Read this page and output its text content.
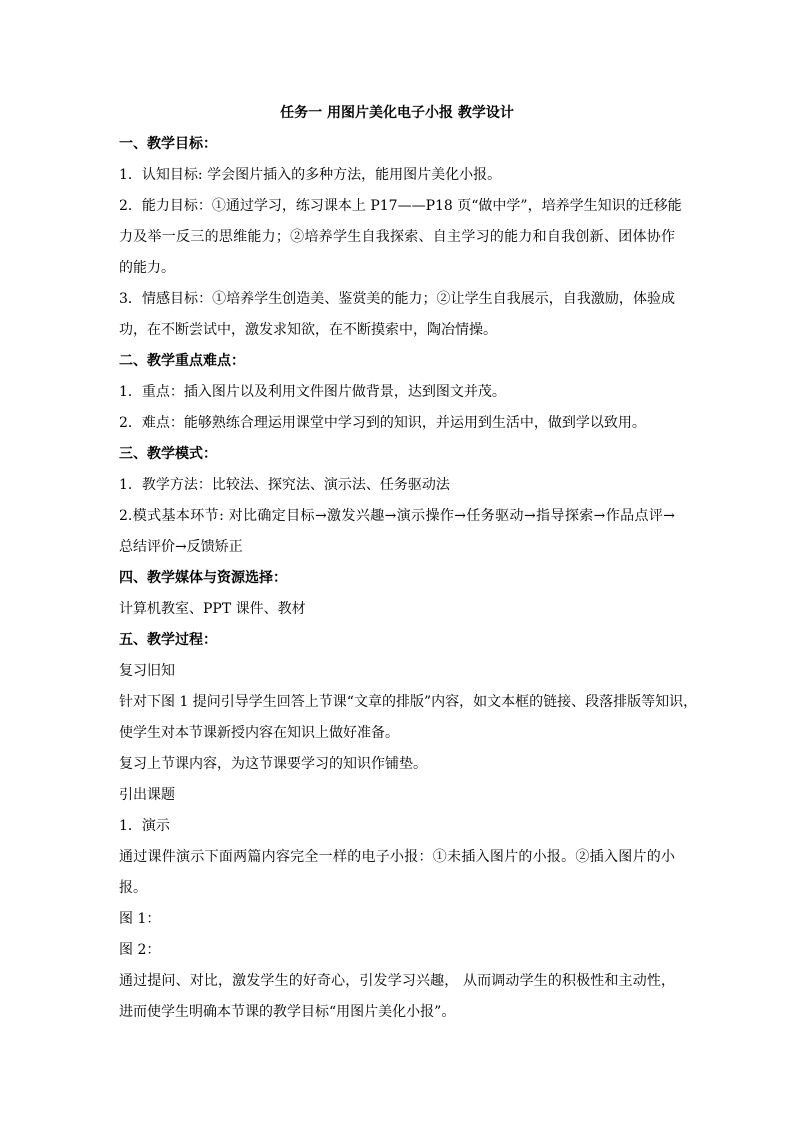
任务一 用图片美化电子小报 教学设计
一、教学目标：
1．认知目标: 学会图片插入的多种方法，能用图片美化小报。
2．能力目标：①通过学习，练习课本上 P17——P18 页“做中学”，培养学生知识的迁移能
力及举一反三的思维能力；②培养学生自我探索、自主学习的能力和自我创新、团体协作
的能力。
3．情感目标：①培养学生创造美、鉴赏美的能力；②让学生自我展示，自我激励，体验成
功，在不断尝试中，激发求知欲，在不断摸索中，陶冶情操。
二、教学重点难点：
1．重点：插入图片以及利用文件图片做背景，达到图文并茂。
2．难点：能够熟练合理运用课堂中学习到的知识，并运用到生活中，做到学以致用。
三、教学模式：
1．教学方法：比较法、探究法、演示法、任务驱动法
2.模式基本环节: 对比确定目标→激发兴趣→演示操作→任务驱动→指导探索→作品点评→
总结评价→反馈矫正
四、教学媒体与资源选择：
计算机教室、PPT 课件、教材
五、教学过程：
复习旧知
针对下图 1 提问引导学生回答上节课“文章的排版”内容，如文本框的链接、段落排版等知识，
使学生对本节课新授内容在知识上做好准备。
复习上节课内容，为这节课要学习的知识作铺垫。
引出课题
1．演示
通过课件演示下面两篇内容完全一样的电子小报：①未插入图片的小报。②插入图片的小
报。
图 1：
图 2：
通过提问、对比，激发学生的好奇心，引发学习兴趣， 从而调动学生的积极性和主动性，
进而使学生明确本节课的教学目标“用图片美化小报”。
